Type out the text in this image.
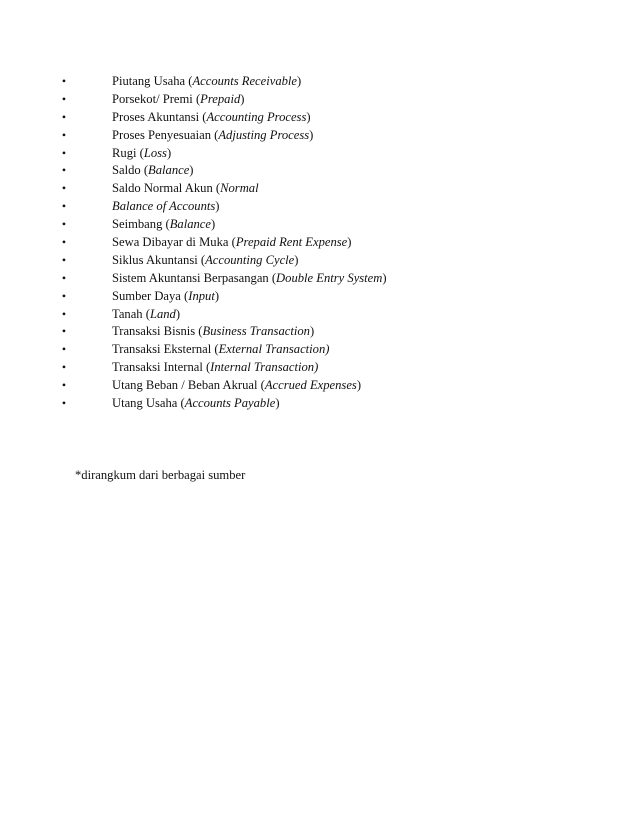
•	Piutang Usaha (Accounts Receivable)
•	Porsekot/ Premi (Prepaid)
•	Proses Akuntansi (Accounting Process)
•	Proses Penyesuaian (Adjusting Process)
•	Rugi (Loss)
•	Saldo (Balance)
•	Saldo Normal Akun (Normal
•	Balance of Accounts)
•	Seimbang (Balance)
•	Sewa Dibayar di Muka (Prepaid Rent Expense)
•	Siklus Akuntansi (Accounting Cycle)
•	Sistem Akuntansi Berpasangan (Double Entry System)
•	Sumber Daya (Input)
•	Tanah (Land)
•	Transaksi Bisnis (Business Transaction)
•	Transaksi Eksternal (External Transaction)
•	Transaksi Internal (Internal Transaction)
•	Utang Beban / Beban Akrual (Accrued Expenses)
•	Utang Usaha (Accounts Payable)
*dirangkum dari berbagai sumber
